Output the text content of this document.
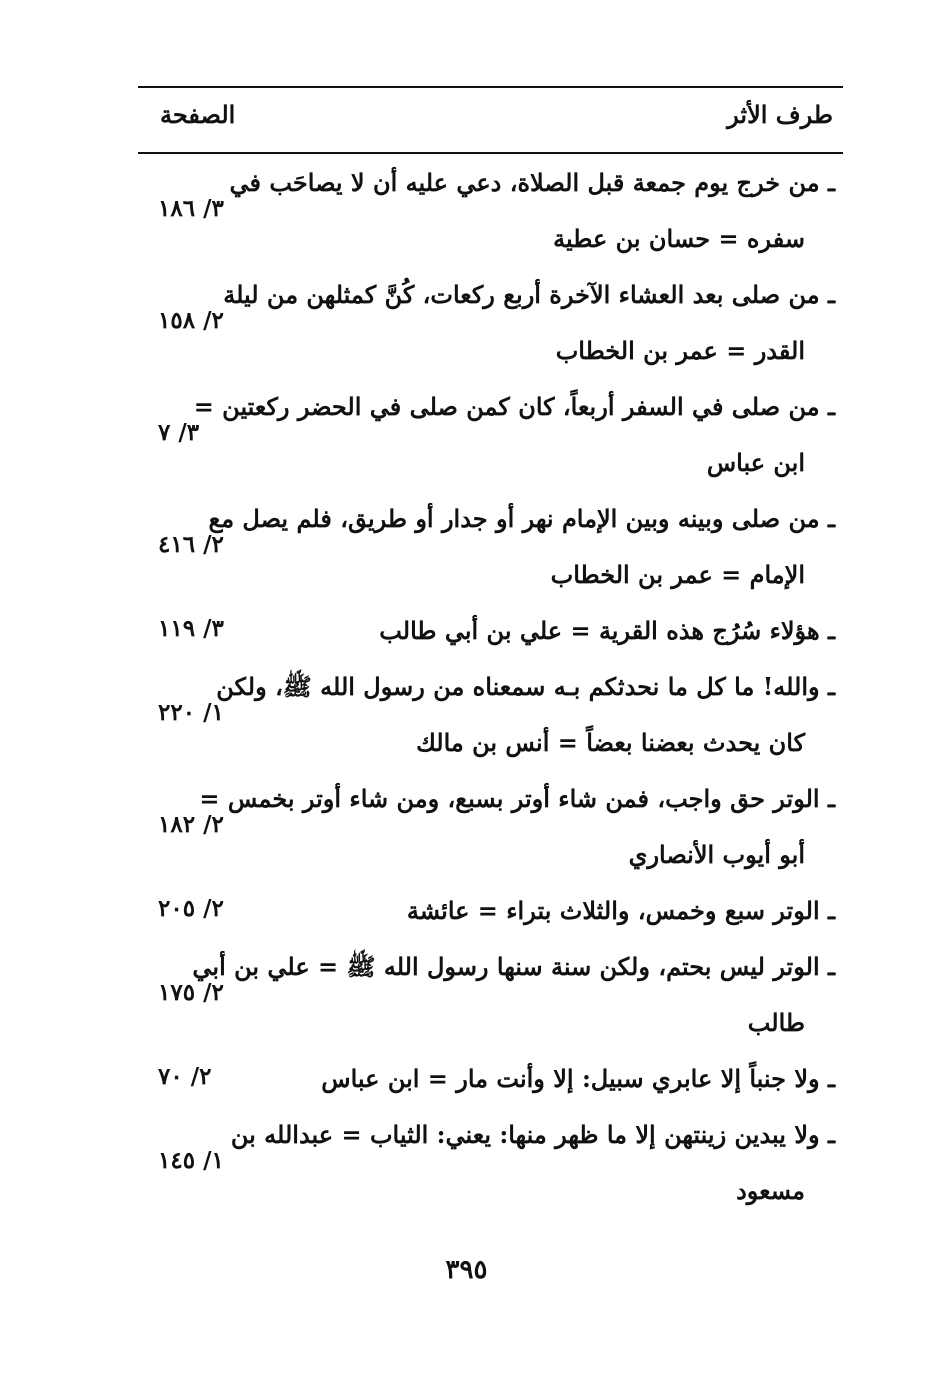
الصفحة	طرف الأثر
ـ من خرج يوم جمعة قبل الصلاة، دعي عليه أن لا يصاحَب في
سفره = حسان بن عطية
٣/ ١٨٦
ـ من صلى بعد العشاء الآخرة أربع ركعات، كُنَّ كمثلهن من ليلة
القدر = عمر بن الخطاب
٢/ ١٥٨
ـ من صلى في السفر أربعاً، كان كمن صلى في الحضر ركعتين =
ابن عباس
٣/ ٧
ـ من صلى وبينه وبين الإمام نهر أو جدار أو طريق، فلم يصل مع
الإمام = عمر بن الخطاب
٢/ ٤١٦
ـ هؤلاء سُرُج هذه القرية = علي بن أبي طالب
٣/ ١١٩
ـ والله! ما كل ما نحدثكم بـه سمعناه من رسول الله ﷺ، ولكن
كان يحدث بعضنا بعضاً = أنس بن مالك
١/ ٢٢٠
ـ الوتر حق واجب، فمن شاء أوتر بسبع، ومن شاء أوتر بخمس =
أبو أيوب الأنصاري
٢/ ١٨٢
ـ الوتر سبع وخمس، والثلاث بتراء = عائشة
٢/ ٢٠٥
ـ الوتر ليس بحتم، ولكن سنة سنها رسول الله ﷺ = علي بن أبي
طالب
٢/ ١٧٥
ـ ولا جنباً إلا عابري سبيل: إلا وأنت مار = ابن عباس
٢/ ٧٠
ـ ولا يبدين زينتهن إلا ما ظهر منها: يعني: الثياب = عبدالله بن
مسعود
١/ ١٤٥
٣٩٥
